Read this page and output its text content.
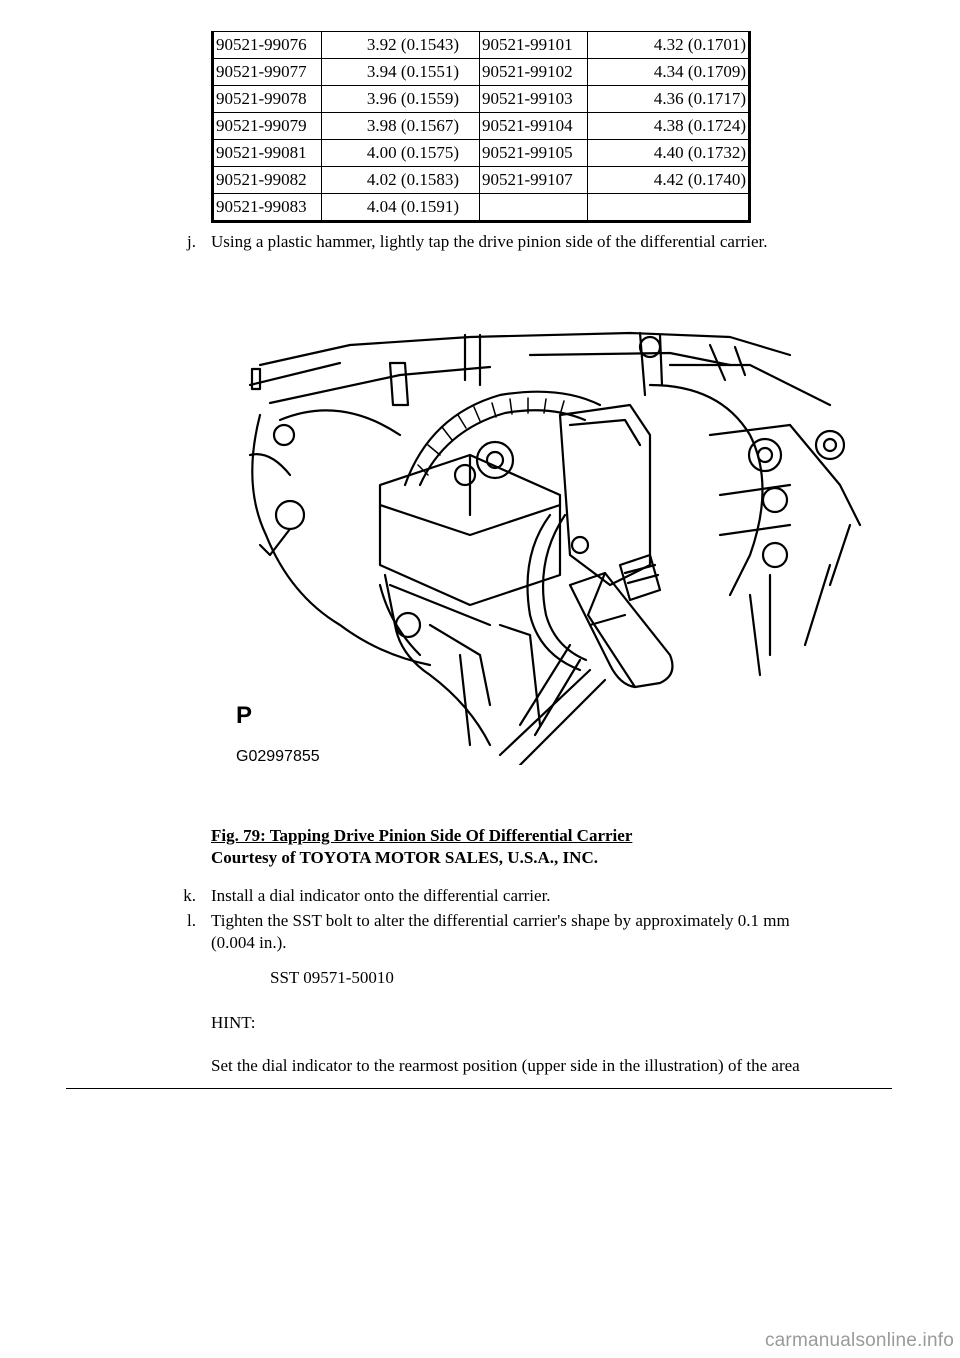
90521-99076	3.92 (0.1543)	90521-99101	4.32 (0.1701)
90521-99077	3.94 (0.1551)	90521-99102	4.34 (0.1709)
90521-99078	3.96 (0.1559)	90521-99103	4.36 (0.1717)
90521-99079	3.98 (0.1567)	90521-99104	4.38 (0.1724)
90521-99081	4.00 (0.1575)	90521-99105	4.40 (0.1732)
90521-99082	4.02 (0.1583)	90521-99107	4.42 (0.1740)
90521-99083	4.04 (0.1591)		
j. Using a plastic hammer, lightly tap the drive pinion side of the differential carrier.
P
G02997855
Fig. 79: Tapping Drive Pinion Side Of Differential Carrier
Courtesy of TOYOTA MOTOR SALES, U.S.A., INC.
k. Install a dial indicator onto the differential carrier.
l. Tighten the SST bolt to alter the differential carrier's shape by approximately 0.1 mm
(0.004 in.).
SST 09571-50010
HINT:
Set the dial indicator to the rearmost position (upper side in the illustration) of the area
carmanualsonline.info
